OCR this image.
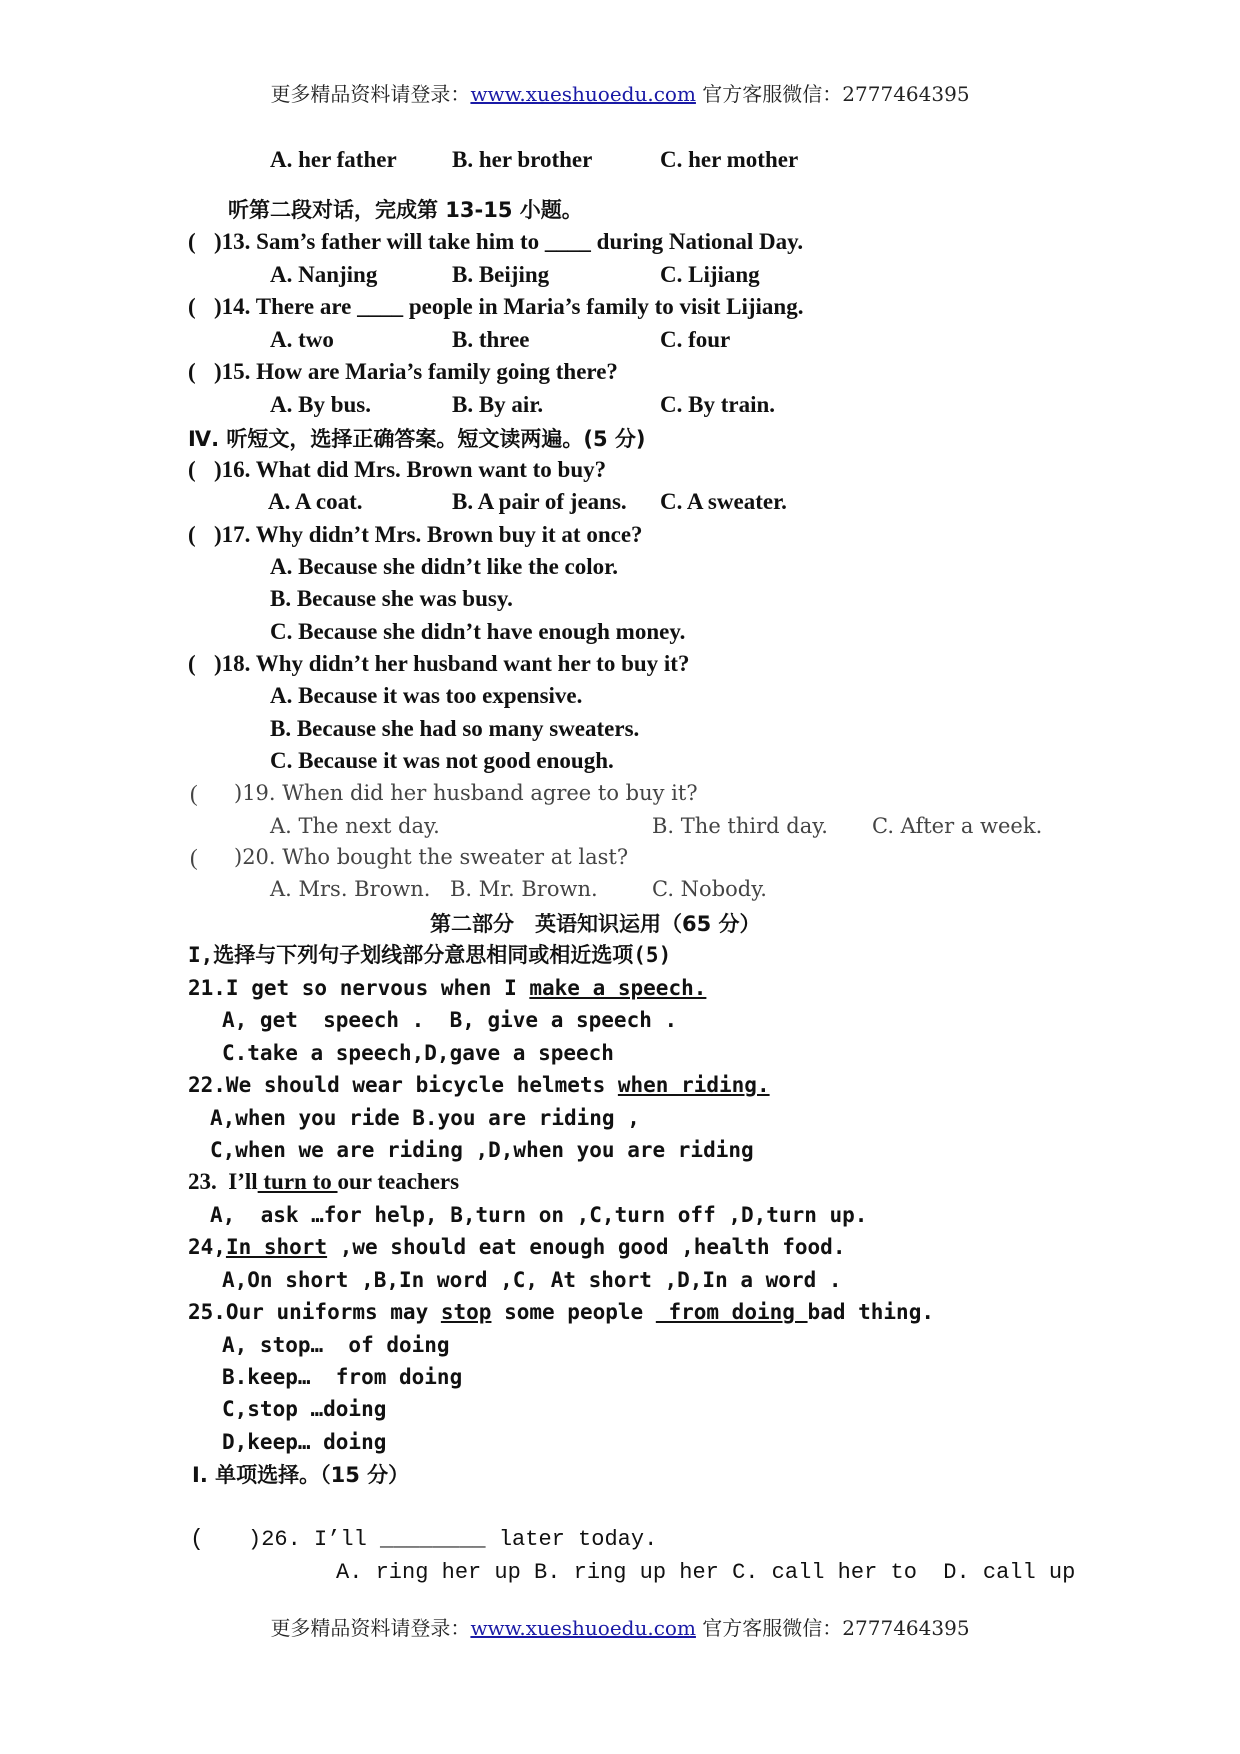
更多精品资料请登录：www.xueshuoedu.com 官方客服微信：2777464395
A. her father B. her brother	C. her mother
听第二段对话，完成第 13-15 小题。
( )13. Sam’s father will take him to ____ during National Day.
A. Nanjing	B. Beijing	C. Lijiang
( )14. There are ____ people in Maria’s family to visit Lijiang.
A. two	B. three	C. four
( )15. How are Maria’s family going there?
A. By bus.	B. By air.	C. By train.
Ⅳ. 听短文，选择正确答案。短文读两遍。(5 分)
( )16. What did Mrs. Brown want to buy?
A. A coat.	B. A pair of jeans. C. A sweater.
( )17. Why didn’t Mrs. Brown buy it at once?
A. Because she didn’t like the color.
B. Because she was busy.
C. Because she didn’t have enough money.
( )18. Why didn’t her husband want her to buy it?
A. Because it was too expensive.
B. Because she had so many sweaters.
C. Because it was not good enough.
( )19. When did her husband agree to buy it?
A. The next day.	B. The third day. C. After a week.
( )20. Who bought the sweater at last?
A. Mrs. Brown. B. Mr. Brown.	C. Nobody.
第二部分　英语知识运用（65 分）
I,选择与下列句子划线部分意思相同或相近选项(5)
21.I get so nervous when I make a speech.
A, get  speech .  B, give a speech .
C.take a speech,D,gave a speech
22.We should wear bicycle helmets when riding.
A,when you ride B.you are riding ,
C,when we are riding ,D,when you are riding
23.  I’ll turn to our teachers
A,  ask …for help, B,turn on ,C,turn off ,D,turn up.
24,In short ,we should eat enough good ,health food.
A,On short ,B,In word ,C, At short ,D,In a word .
25.Our uniforms may stop some people  from doing bad thing.
A, stop…  of doing
B.keep…  from doing
C,stop …doing
D,keep… doing
Ⅰ. 单项选择。（15 分）
( )26. I’ll ________ later today.
A. ring her up B. ring up her C. call her to  D. call up
更多精品资料请登录：www.xueshuoedu.com 官方客服微信：2777464395
